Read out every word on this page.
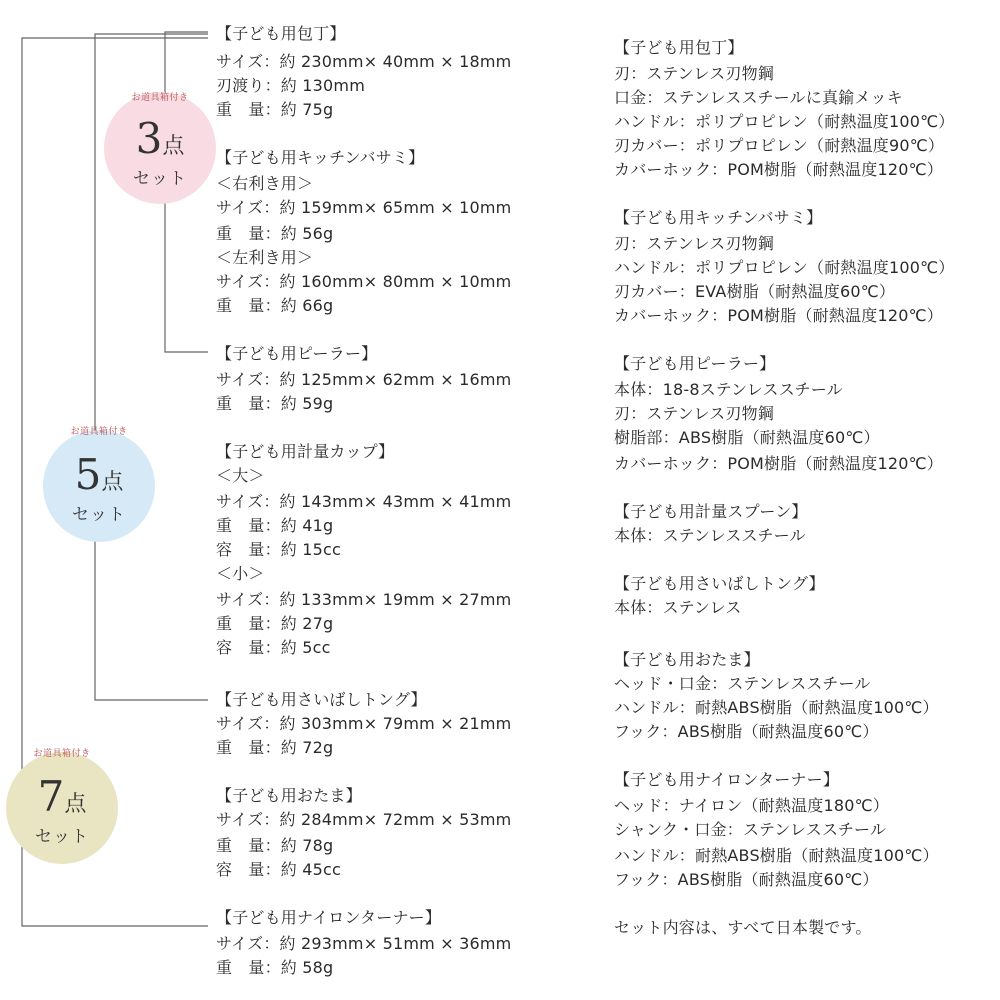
お道具箱付き
3点
セット
お道具箱付き
5点
セット
お道具箱付き
7点
セット
【子ども用包丁】
サイズ：約 230mm× 40mm × 18mm
刃渡り：約 130mm
重　量：約 75g
【子ども用キッチンバサミ】
＜右利き用＞
サイズ：約 159mm× 65mm × 10mm
重　量：約 56g
＜左利き用＞
サイズ：約 160mm× 80mm × 10mm
重　量：約 66g
【子ども用ピーラー】
サイズ：約 125mm× 62mm × 16mm
重　量：約 59g
【子ども用計量カップ】
＜大＞
サイズ：約 143mm× 43mm × 41mm
重　量：約 41g
容　量：約 15cc
＜小＞
サイズ：約 133mm× 19mm × 27mm
重　量：約 27g
容　量：約 5cc
【子ども用さいばしトング】
サイズ：約 303mm× 79mm × 21mm
重　量：約 72g
【子ども用おたま】
サイズ：約 284mm× 72mm × 53mm
重　量：約 78g
容　量：約 45cc
【子ども用ナイロンターナー】
サイズ：約 293mm× 51mm × 36mm
重　量：約 58g
【子ども用包丁】
刃：ステンレス刃物鋼
口金：ステンレススチールに真鍮メッキ
ハンドル：ポリプロピレン（耐熱温度100℃）
刃カバー：ポリプロピレン（耐熱温度90℃）
カバーホック：POM樹脂（耐熱温度120℃）
【子ども用キッチンバサミ】
刃：ステンレス刃物鋼
ハンドル：ポリプロピレン（耐熱温度100℃）
刃カバー：EVA樹脂（耐熱温度60℃）
カバーホック：POM樹脂（耐熱温度120℃）
【子ども用ピーラー】
本体：18-8ステンレススチール
刃：ステンレス刃物鋼
樹脂部：ABS樹脂（耐熱温度60℃）
カバーホック：POM樹脂（耐熱温度120℃）
【子ども用計量スプーン】
本体：ステンレススチール
【子ども用さいばしトング】
本体：ステンレス
【子ども用おたま】
ヘッド・口金：ステンレススチール
ハンドル：耐熱ABS樹脂（耐熱温度100℃）
フック：ABS樹脂（耐熱温度60℃）
【子ども用ナイロンターナー】
ヘッド：ナイロン（耐熱温度180℃）
シャンク・口金：ステンレススチール
ハンドル：耐熱ABS樹脂（耐熱温度100℃）
フック：ABS樹脂（耐熱温度60℃）
セット内容は、すべて日本製です。
